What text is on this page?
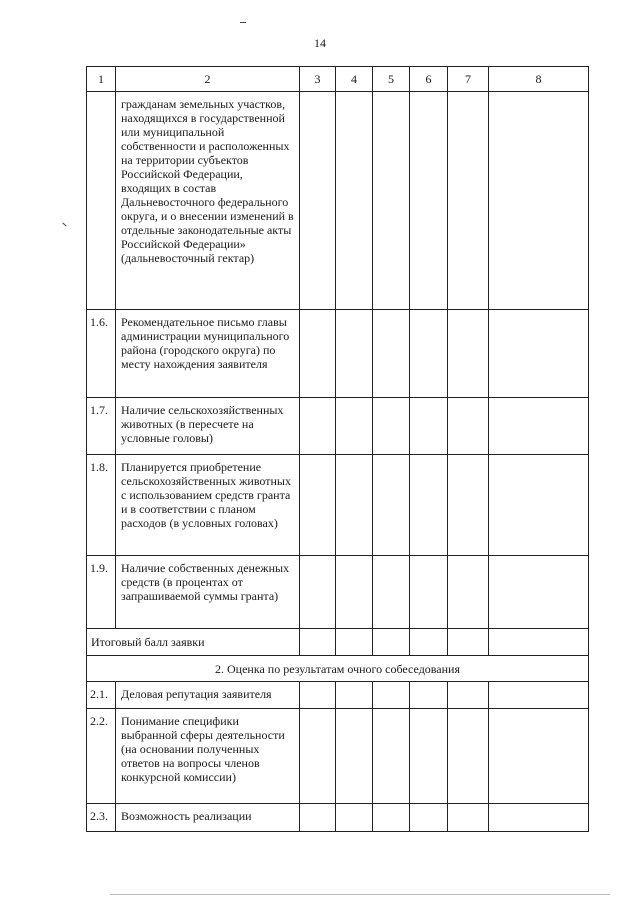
14
1	2	3	4	5	6	7	8
	гражданам земельных участков, находящихся в государственной или муниципальной собственности и расположенных на территории субъектов Российской Федерации, входящих в состав Дальневосточного федерального округа, и о внесении изменений в отдельные законодательные акты Российской Федерации» (дальневосточный гектар)						
1.6.	Рекомендательное письмо главы администрации муниципального района (городского округа) по месту нахождения заявителя						
1.7.	Наличие сельскохозяйственных животных (в пересчете на условные головы)						
1.8.	Планируется приобретение сельскохозяйственных животных с использованием средств гранта и в соответствии с планом расходов (в условных головах)						
1.9.	Наличие собственных денежных средств (в процентах от запрашиваемой суммы гранта)						
Итоговый балл заявки							
2. Оценка по результатам очного собеседования							
2.1.	Деловая репутация заявителя						
2.2.	Понимание специфики выбранной сферы деятельности (на основании полученных ответов на вопросы членов конкурсной комиссии)						
2.3.	Возможность реализации						
